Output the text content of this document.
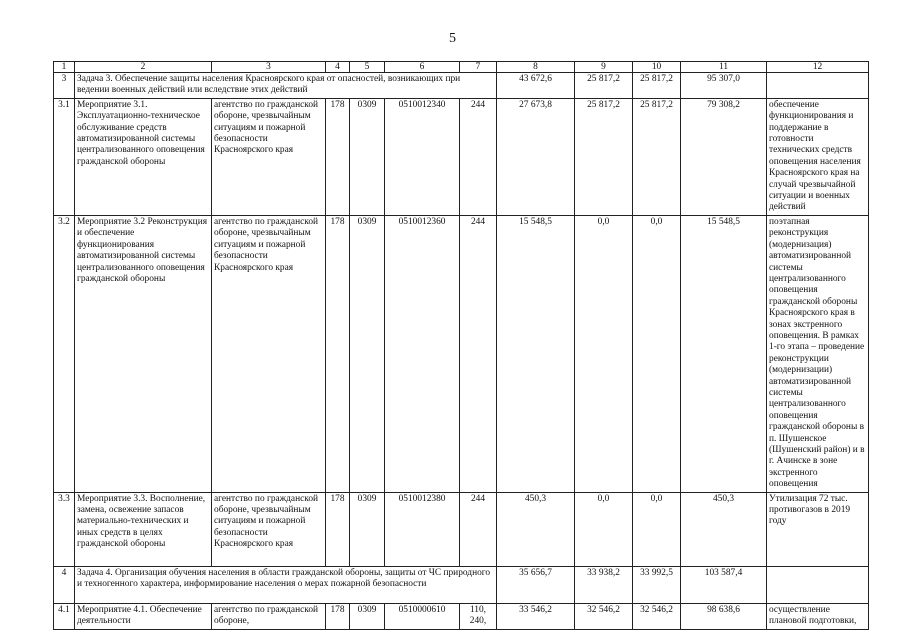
5
1	2	3	4	5	6	7	8	9	10	11	12
3	Задача 3. Обеспечение защиты населения Красноярского края от опасностей, возникающих при ведении военных действий или вследствие этих действий						43 672,6	25 817,2	25 817,2	95 307,0	
3.1	Мероприятие 3.1. Эксплуатационно-техническое обслуживание средств автоматизированной системы централизованного оповещения гражданской обороны	агентство по гражданской обороне, чрезвычайным ситуациям и пожарной безопасности Красноярского края	178	0309	0510012340	244	27 673,8	25 817,2	25 817,2	79 308,2	обеспечение функционирования и поддержание в готовности технических средств оповещения населения Красноярского края на случай чрезвычайной ситуации и военных действий
3.2	Мероприятие 3.2 Реконструкция и обеспечение функционирования автоматизированной системы централизованного оповещения гражданской обороны	агентство по гражданской обороне, чрезвычайным ситуациям и пожарной безопасности Красноярского края	178	0309	0510012360	244	15 548,5	0,0	0,0	15 548,5	поэтапная реконструкция (модернизация) автоматизированной системы централизованного оповещения гражданской обороны Красноярского края в зонах экстренного оповещения. В рамках 1-го этапа – проведение реконструкции (модернизации) автоматизированной системы централизованного оповещения гражданской обороны в п. Шушенское (Шушенский район) и в г. Ачинске в зоне экстренного оповещения
3.3	Мероприятие 3.3. Восполнение, замена, освежение запасов материально-технических и иных средств в целях гражданской обороны	агентство по гражданской обороне, чрезвычайным ситуациям и пожарной безопасности Красноярского края	178	0309	0510012380	244	450,3	0,0	0,0	450,3	Утилизация 72 тыс. противогазов в 2019 году
4	Задача 4. Организация обучения населения в области гражданской обороны, защиты от ЧС природного и техногенного характера, информирование населения о мерах пожарной безопасности						35 656,7	33 938,2	33 992,5	103 587,4	
4.1	Мероприятие 4.1. Обеспечение деятельности	агентство по гражданской обороне,	178	0309	0510000610	110, 240,	33 546,2	32 546,2	32 546,2	98 638,6	осуществление плановой подготовки,
